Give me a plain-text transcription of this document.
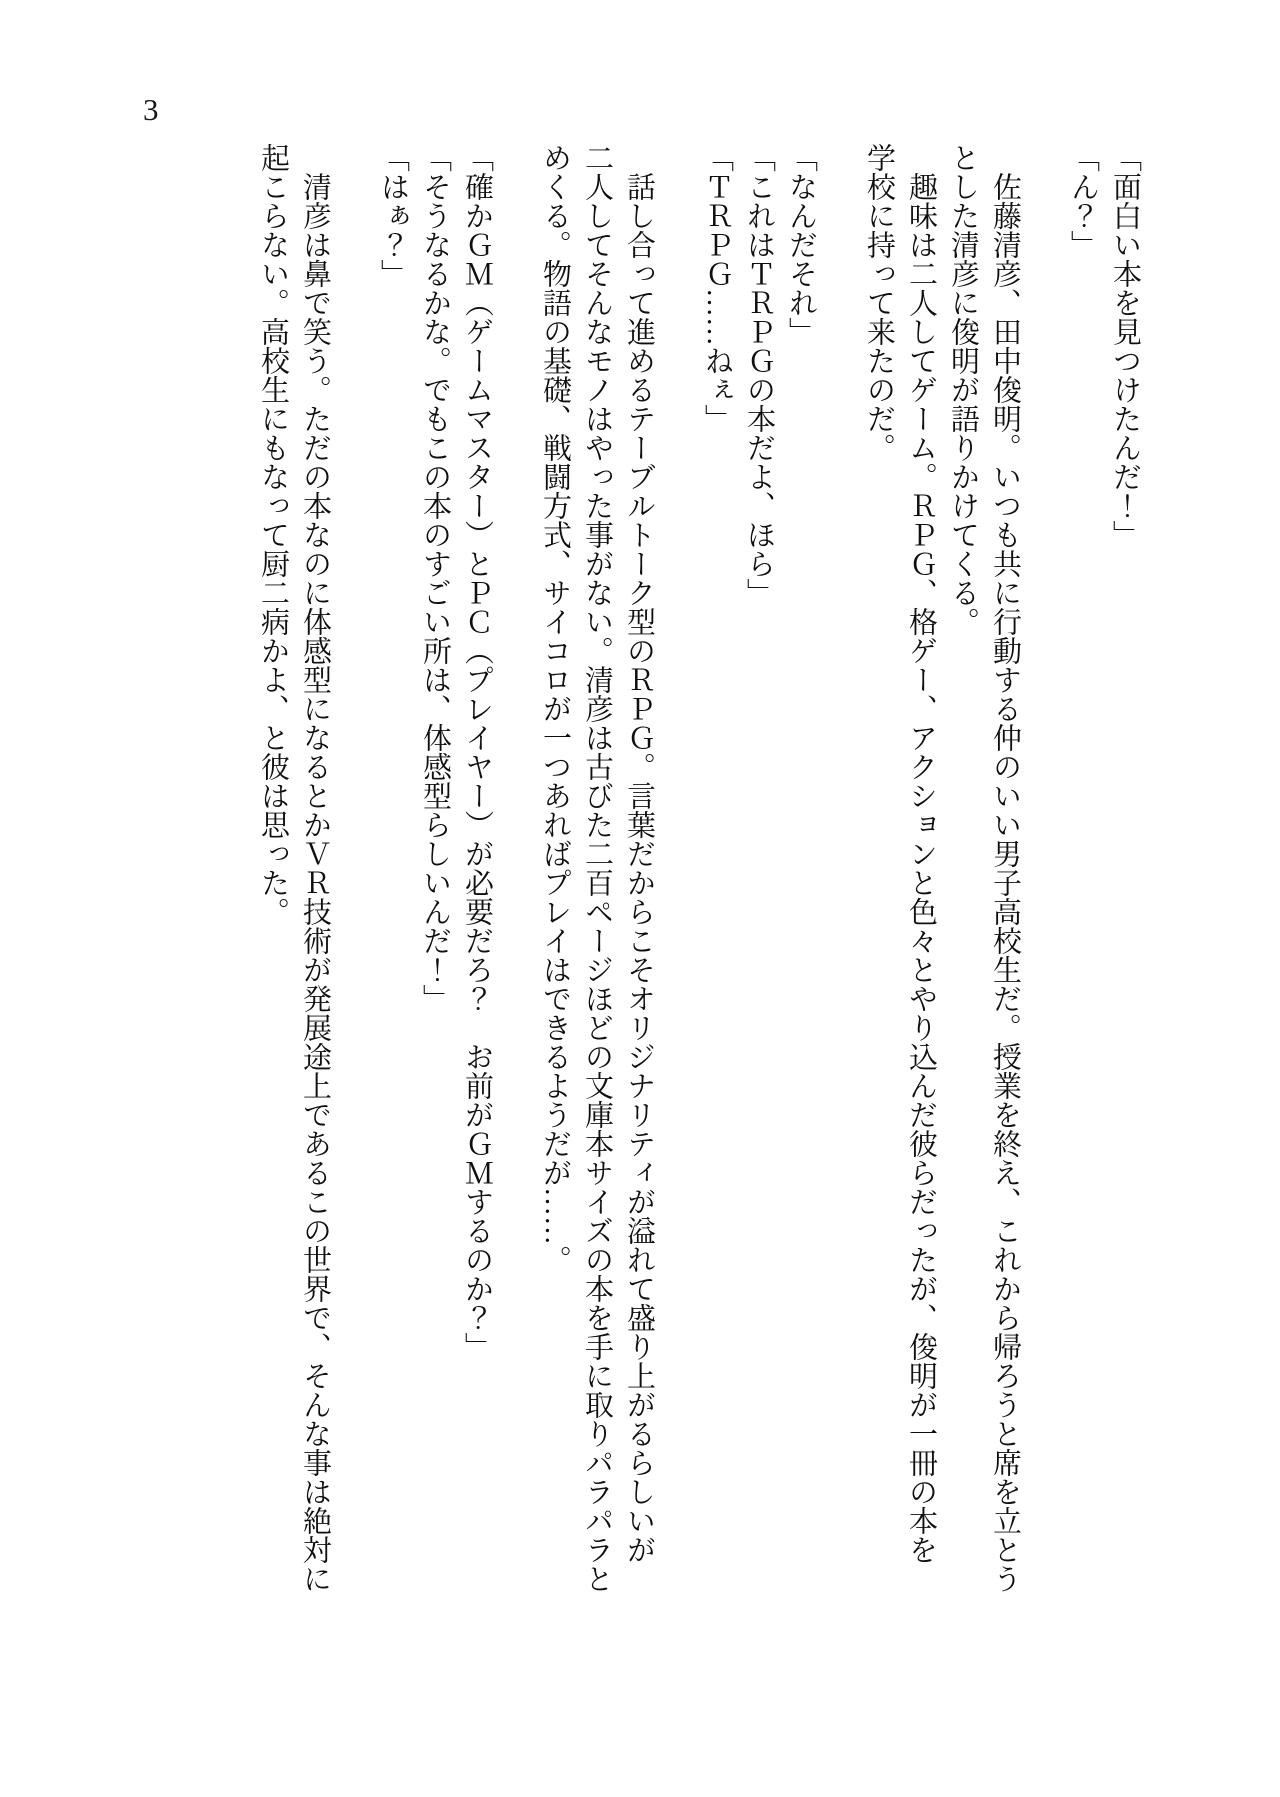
3
「面白い本を見つけたんだ！」
「ん？」
佐藤清彦、田中俊明。いつも共に行動する仲のいい男子高校生だ。授業を終え、これから帰ろうと席を立とう
とした清彦に俊明が語りかけてくる。
趣味は二人してゲーム。ＲＰＧ、格ゲー、アクションと色々とやり込んだ彼らだったが、俊明が一冊の本を
学校に持って来たのだ。
「なんだそれ」
「これはＴＲＰＧの本だよ、ほら」
「ＴＲＰＧ……ねぇ」
話し合って進めるテーブルトーク型のＲＰＧ。言葉だからこそオリジナリティが溢れて盛り上がるらしいが
二人してそんなモノはやった事がない。清彦は古びた二百ページほどの文庫本サイズの本を手に取りパラパラと
めくる。物語の基礎、戦闘方式、サイコロが一つあればプレイはできるようだが……。
「確かＧＭ（ゲームマスター）とＰＣ（プレイヤー）が必要だろ？　お前がＧＭするのか？」
「そうなるかな。でもこの本のすごい所は、体感型らしいんだ！」
「はぁ？」
清彦は鼻で笑う。ただの本なのに体感型になるとかＶＲ技術が発展途上であるこの世界で、そんな事は絶対に
起こらない。高校生にもなって厨二病かよ、と彼は思った。
